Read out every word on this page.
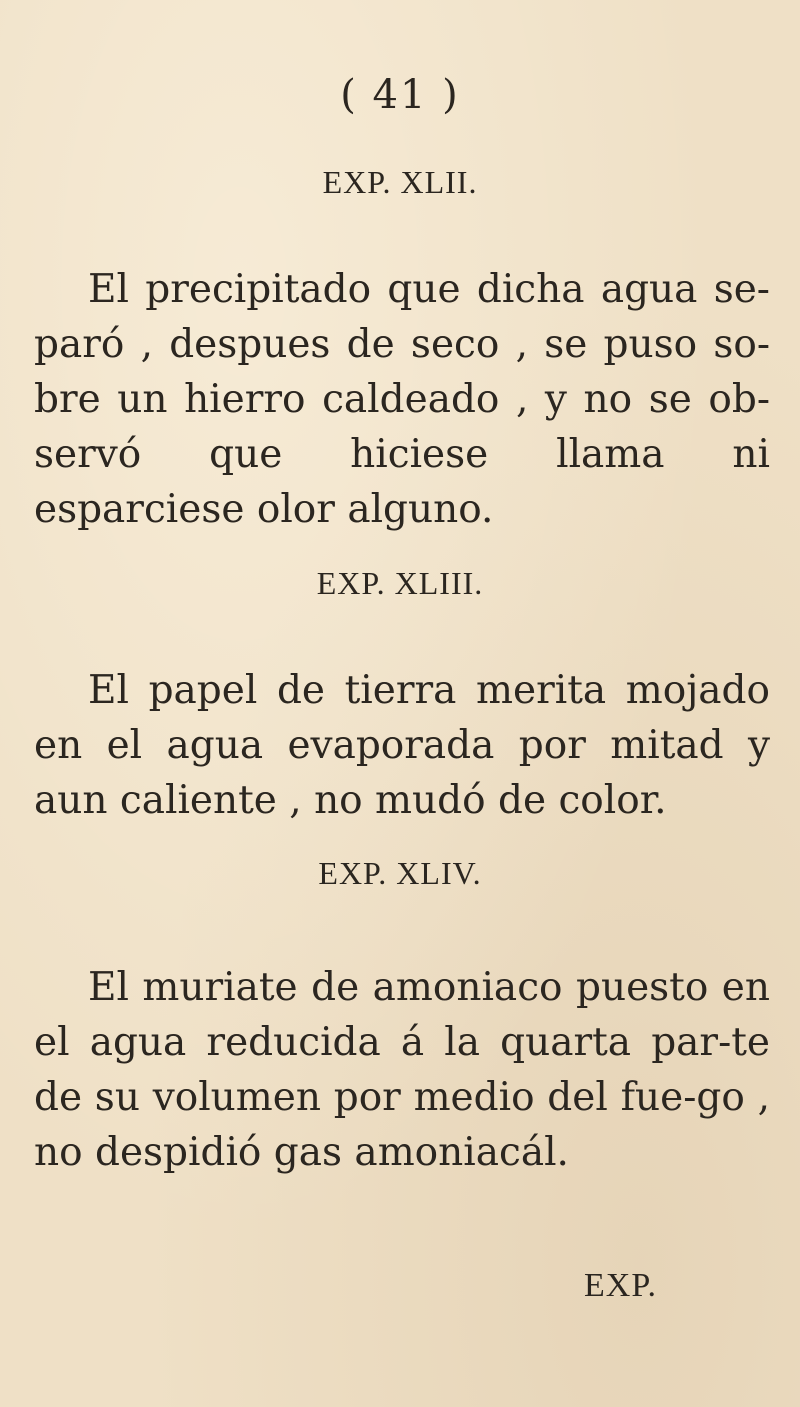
( 41 )
EXP. XLII.

El precipitado que dicha agua se-paró , despues de seco , se puso so-bre un hierro caldeado , y no se ob-servó que hiciese llama ni esparciese olor alguno.

EXP. XLIII.

El papel de tierra merita mojado en el agua evaporada por mitad y aun caliente , no mudó de color.

EXP. XLIV.

El muriate de amoniaco puesto en el agua reducida á la quarta par-te de su volumen por medio del fue-go , no despidió gas amoniacál.

EXP.
